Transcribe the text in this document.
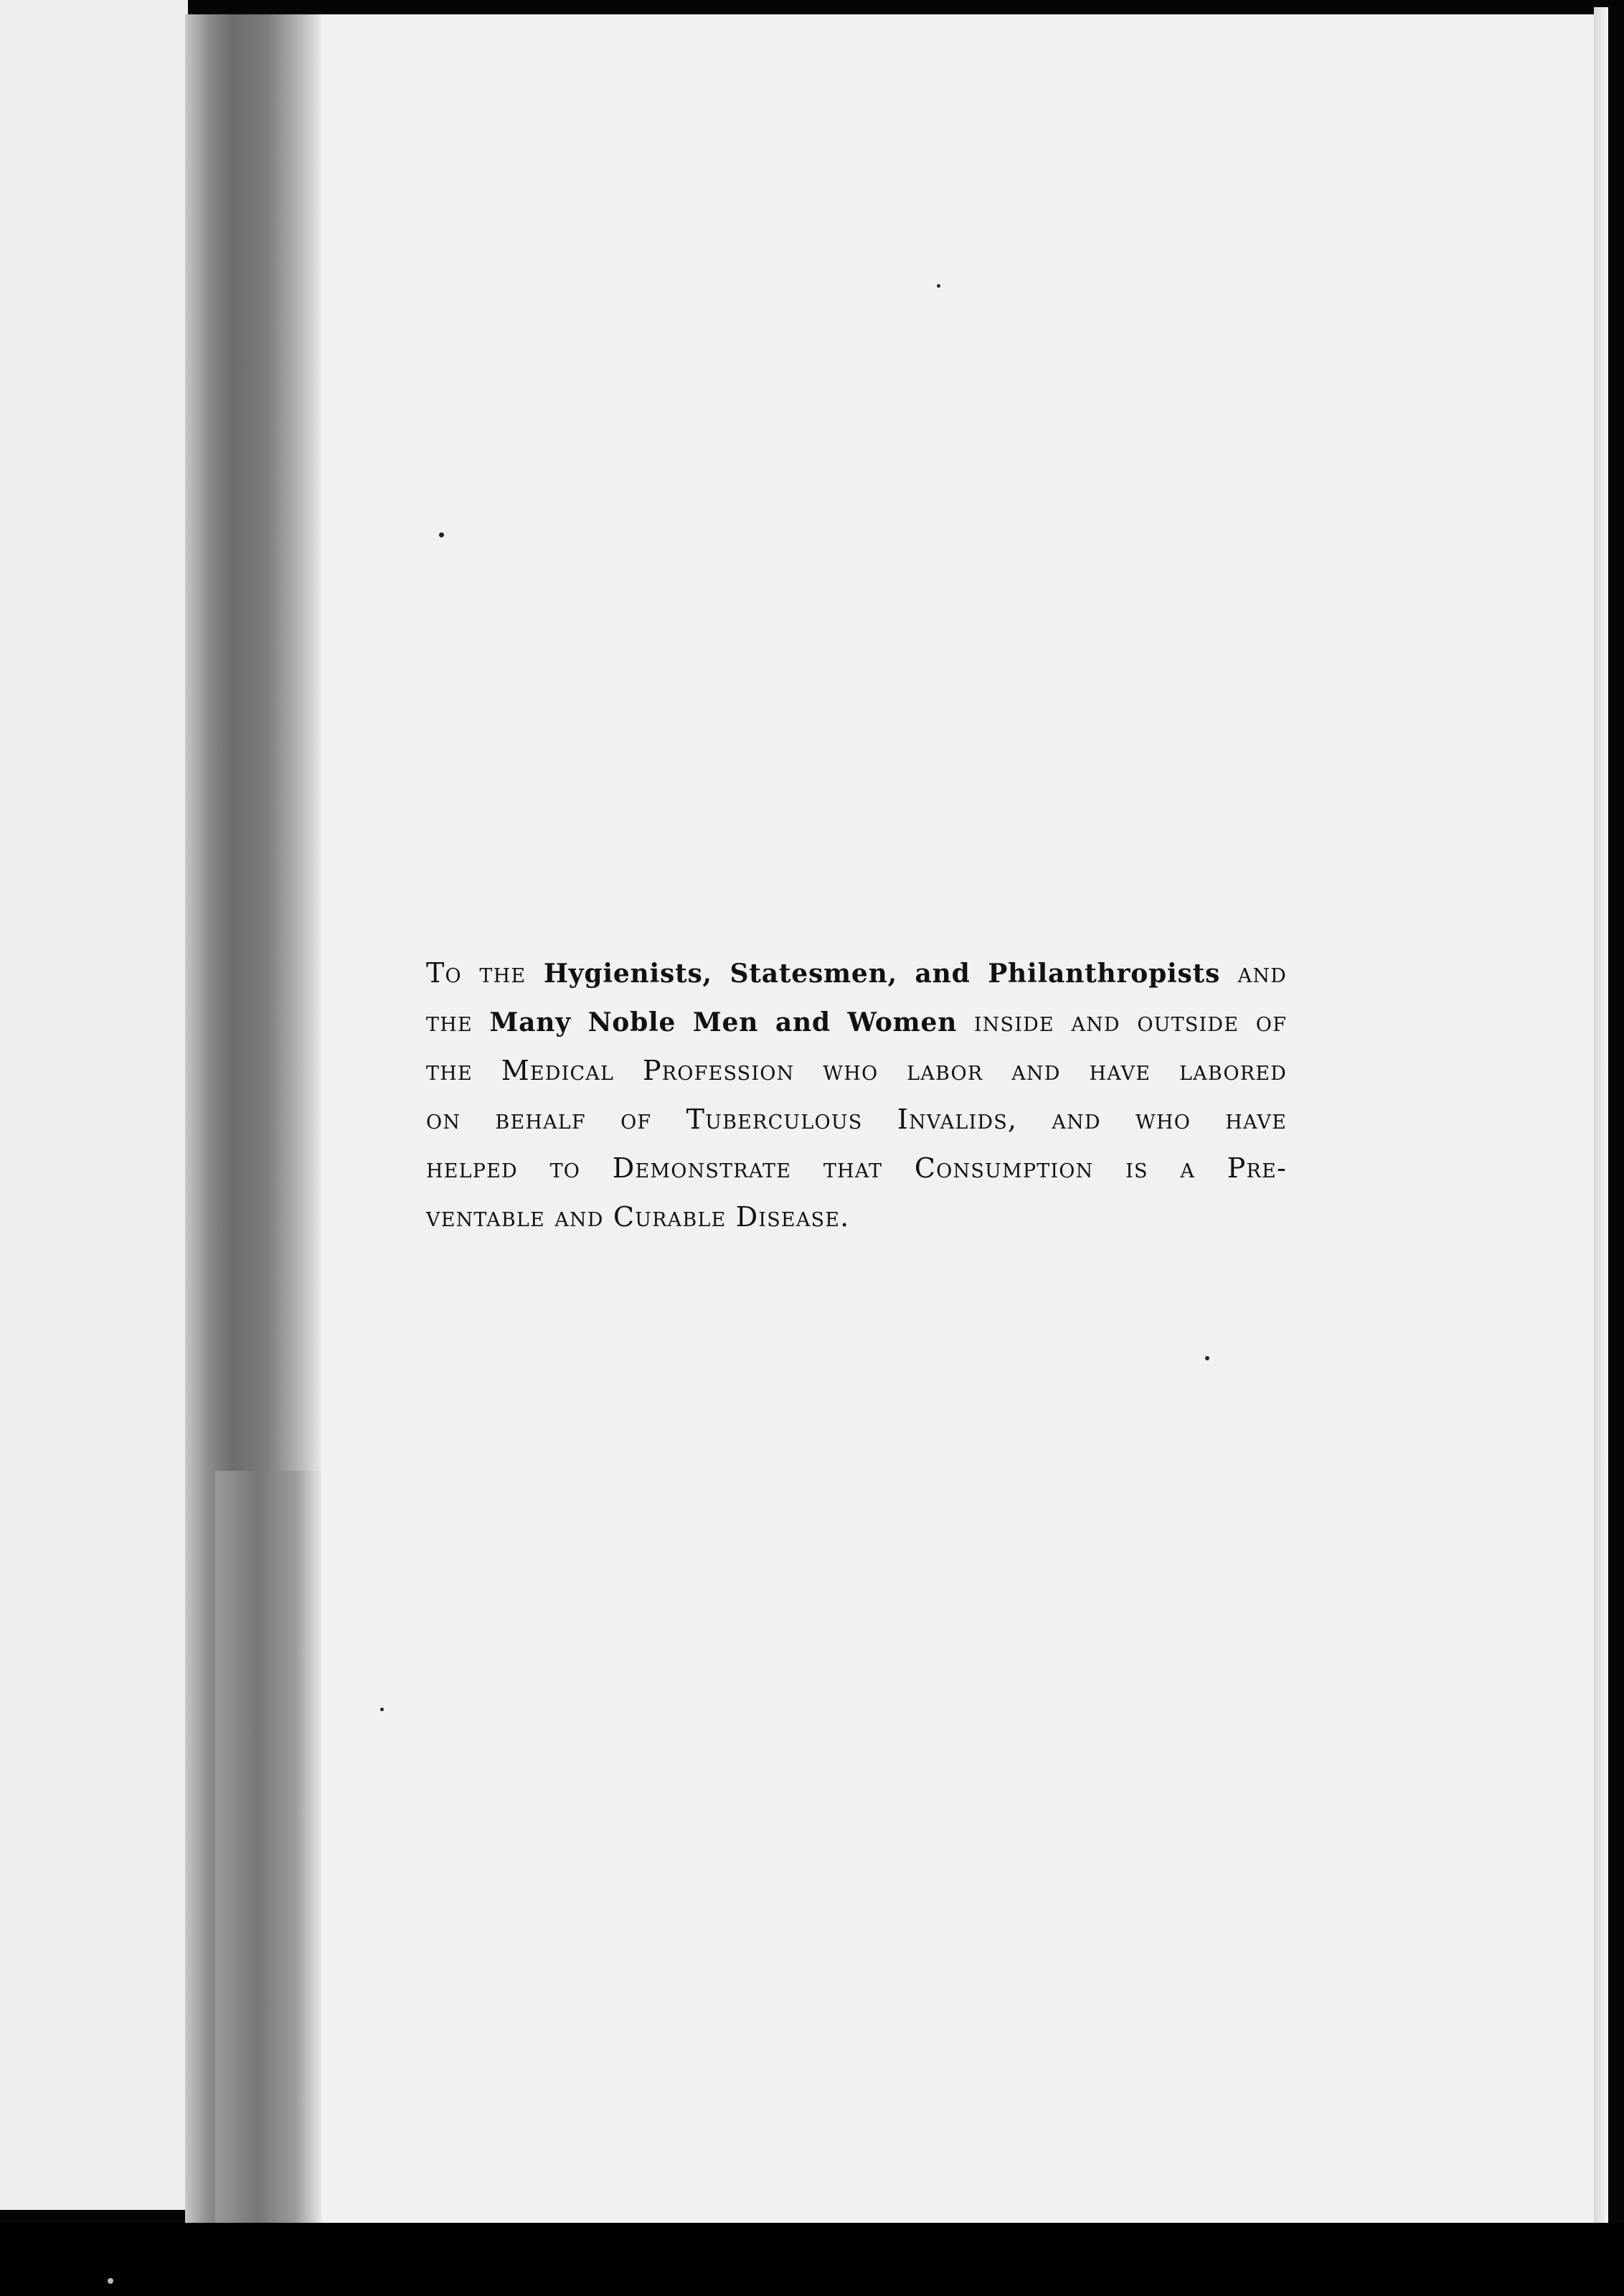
To the Hygienists, Statesmen, and Philanthropists and
the Many Noble Men and Women inside and outside of
the Medical Profession who labor and have labored
on behalf of Tuberculous Invalids, and who have
helped to Demonstrate that Consumption is a Pre-
ventable and Curable Disease.
